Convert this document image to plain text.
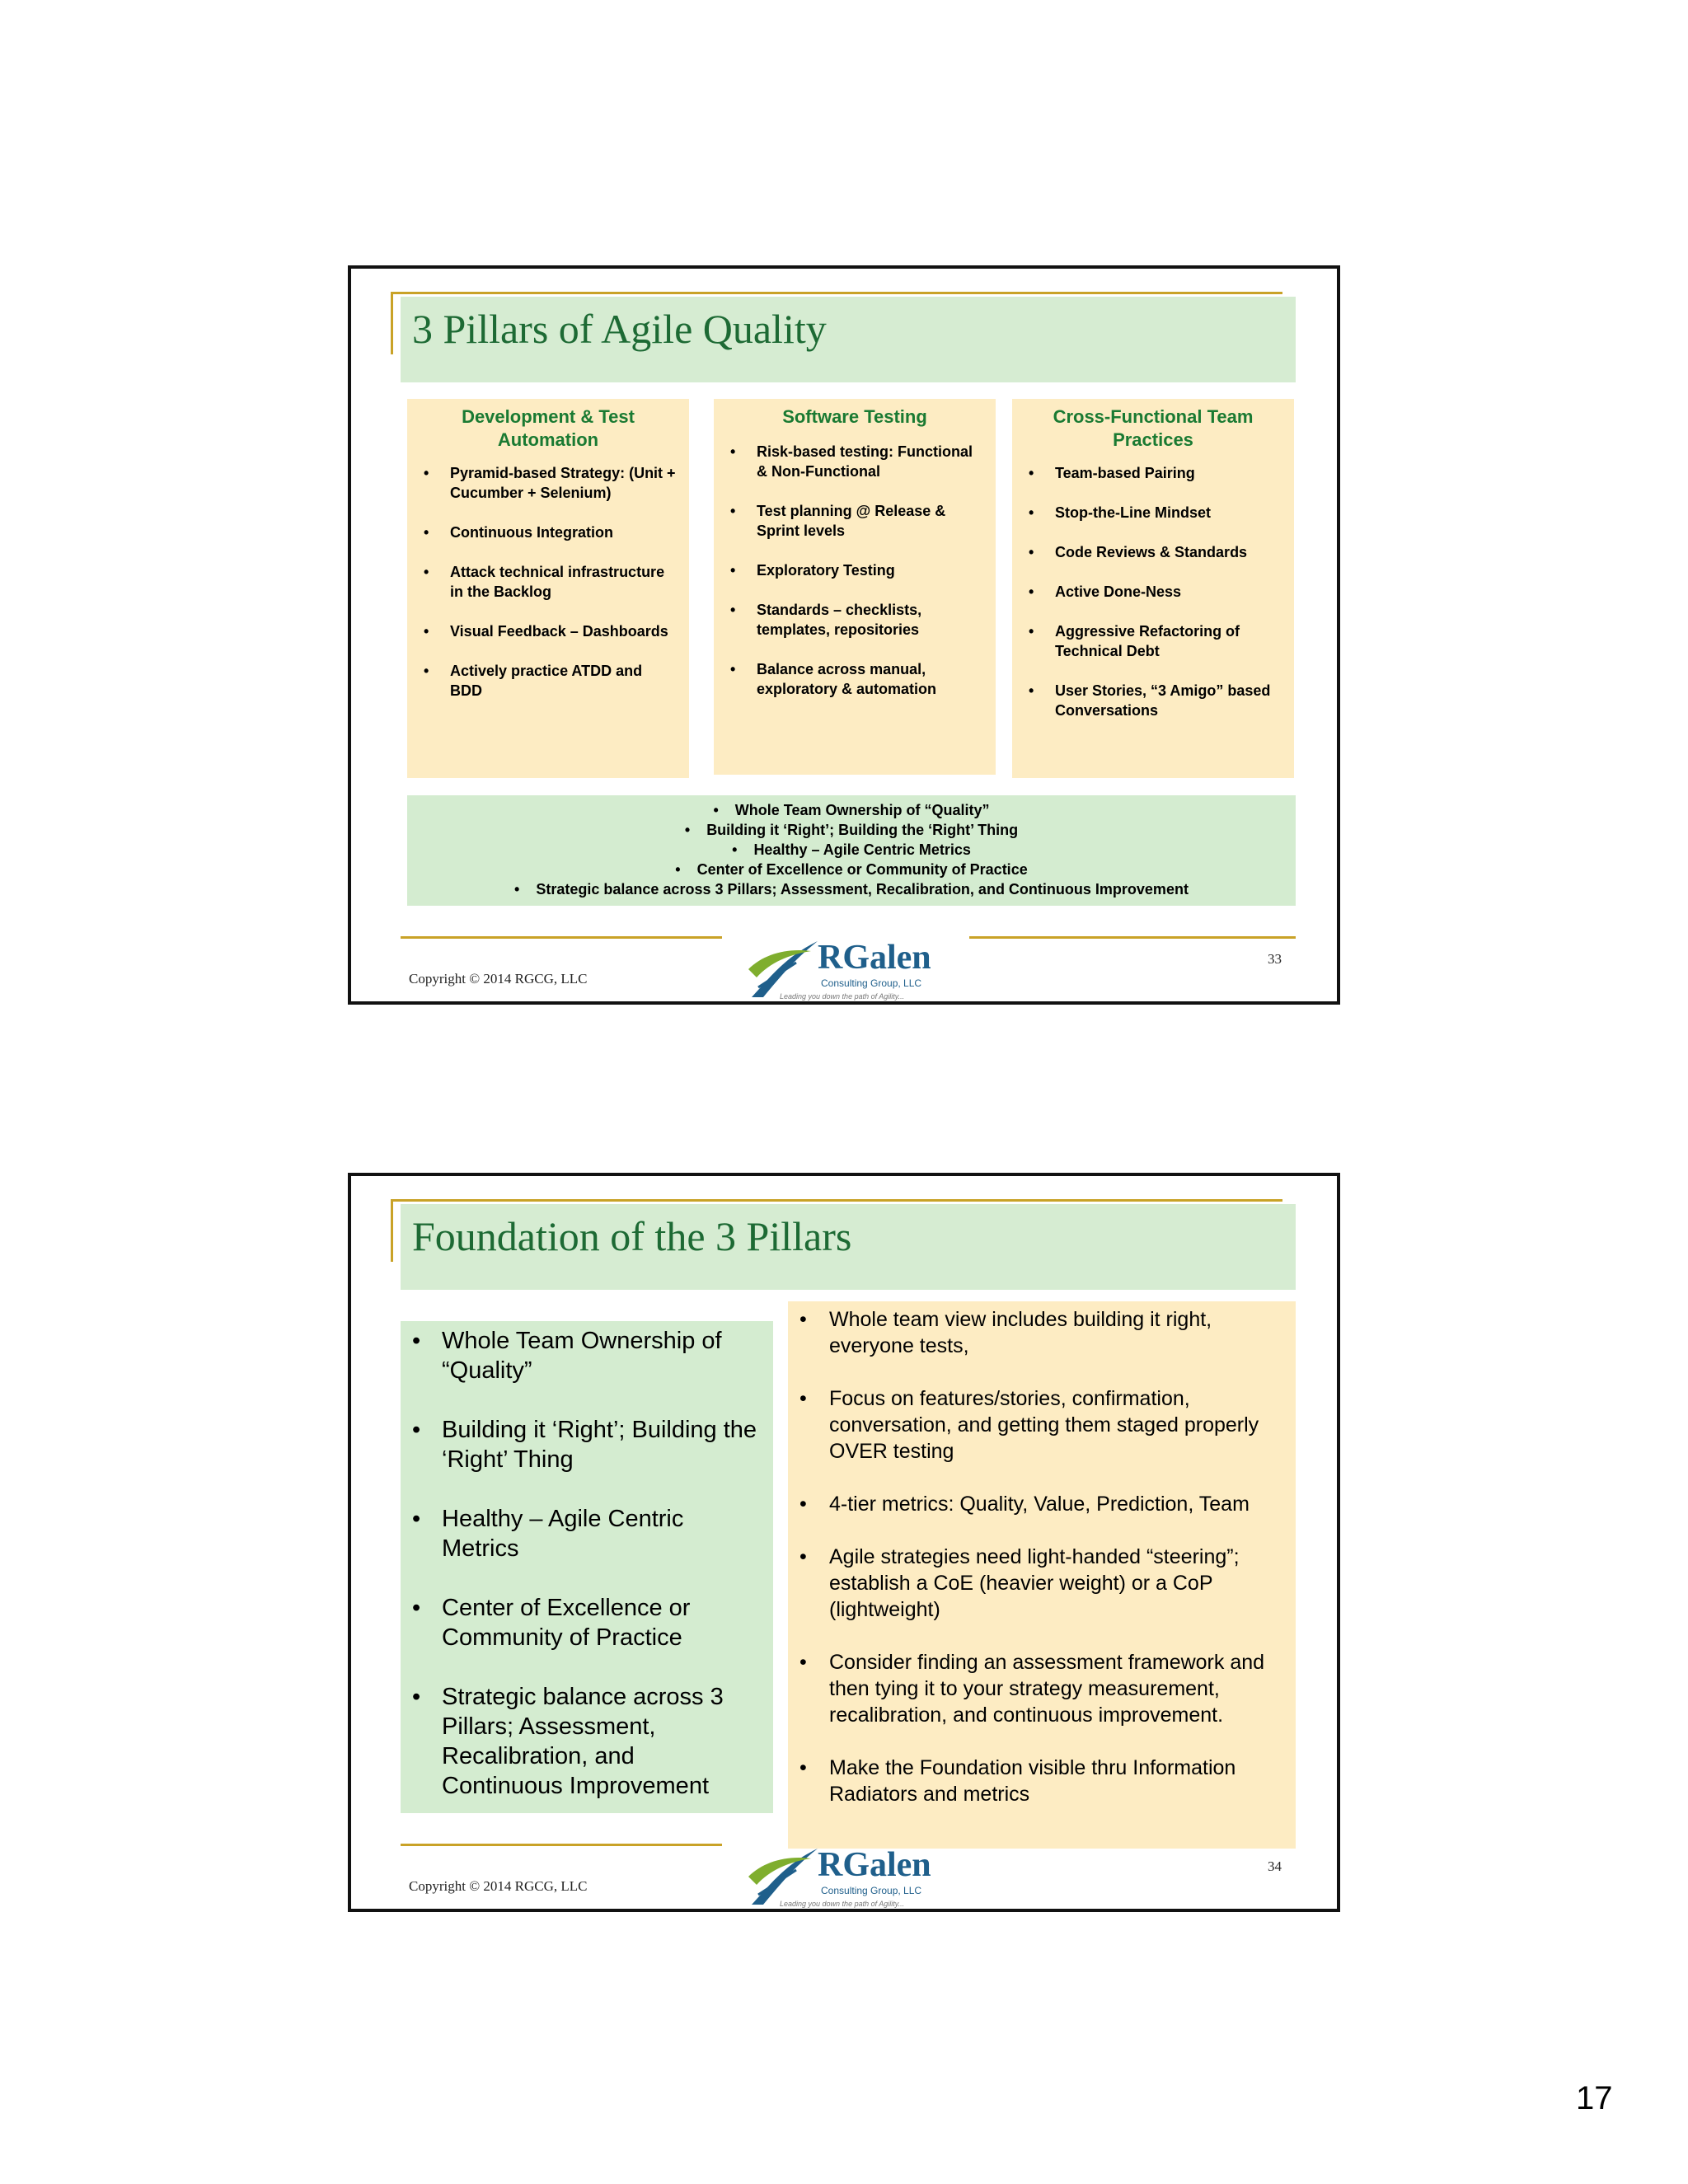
3 Pillars of Agile Quality
Development & Test Automation
• Pyramid-based Strategy: (Unit + Cucumber + Selenium)
• Continuous Integration
• Attack technical infrastructure in the Backlog
• Visual Feedback – Dashboards
• Actively practice ATDD and BDD
Software Testing
• Risk-based testing: Functional & Non-Functional
• Test planning @ Release & Sprint levels
• Exploratory Testing
• Standards – checklists, templates, repositories
• Balance across manual, exploratory & automation
Cross-Functional Team Practices
• Team-based Pairing
• Stop-the-Line Mindset
• Code Reviews & Standards
• Active Done-Ness
• Aggressive Refactoring of Technical Debt
• User Stories, “3 Amigo” based Conversations
•    Whole Team Ownership of “Quality”
•    Building it ‘Right’; Building the ‘Right’ Thing
•    Healthy – Agile Centric Metrics
•    Center of Excellence or Community of Practice
•    Strategic balance across 3 Pillars; Assessment, Recalibration, and Continuous Improvement
Copyright © 2014 RGCG, LLC
33
RGalen
Consulting Group, LLC
Leading you down the path of Agility...
Foundation of the 3 Pillars
• Whole Team Ownership of “Quality”
• Building it ‘Right’; Building the ‘Right’ Thing
• Healthy – Agile Centric Metrics
• Center of Excellence or Community of Practice
• Strategic balance across 3 Pillars; Assessment, Recalibration, and Continuous Improvement
• Whole team view includes building it right, everyone tests,
• Focus on features/stories, confirmation, conversation, and getting them staged properly OVER testing
• 4-tier metrics: Quality, Value, Prediction, Team
• Agile strategies need light-handed “steering”; establish a CoE (heavier weight) or a CoP (lightweight)
• Consider finding an assessment framework and then tying it to your strategy measurement, recalibration, and continuous improvement.
• Make the Foundation visible thru Information Radiators and metrics
Copyright © 2014 RGCG, LLC
34
RGalen
Consulting Group, LLC
Leading you down the path of Agility...
17
